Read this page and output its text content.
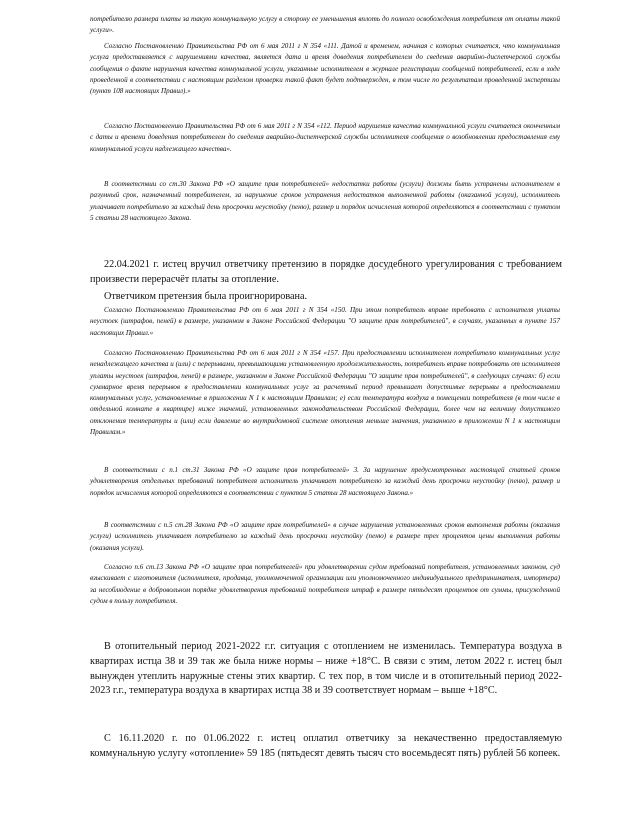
потребителю размера платы за такую коммунальную услугу в сторону ее уменьшения вплоть до полного освобождения потребителя от оплаты такой услуги».

Согласно Постановлению Правительства РФ от 6 мая 2011 г N 354 «111. Датой и временем, начиная с которых считается, что коммунальная услуга предоставляется с нарушениями качества, является дата и время доведения потребителем до сведения аварийно-диспетчерской службы сообщения о факте нарушения качества коммунальной услуги, указанные исполнителем в журнале регистрации сообщений потребителей, если в ходе проведенной в соответствии с настоящим разделом проверки такой факт будет подтвержден, в том числе по результатам проведенной экспертизы (пункт 108 настоящих Правил).»

Согласно Постановлению Правительства РФ от 6 мая 2011 г N 354 «112. Период нарушения качества коммунальной услуги считается оконченным с даты и времени доведения потребителем до сведения аварийно-диспетчерской службы исполнителя сообщения о возобновлении предоставления ему коммунальной услуги надлежащего качества».

В соответствии со ст.30 Закона РФ «О защите прав потребителей» недостатки работы (услуги) должны быть устранены исполнителем в разумный срок, назначенный потребителем, за нарушение сроков устранения недостатков выполненной работы (оказанной услуги), исполнитель уплачивает потребителю за каждый день просрочки неустойку (пеню), размер и порядок исчисления которой определяются в соответствии с пунктом 5 статьи 28 настоящего Закона.

22.04.2021 г. истец вручил ответчику претензию в порядке досудебного урегулирования с требованием произвести перерасчёт платы за отопление.

Ответчиком претензия была проигнорирована.

Согласно Постановлению Правительства РФ от 6 мая 2011 г N 354 «150. При этом потребитель вправе требовать с исполнителя уплаты неустоек (штрафов, пеней) в размере, указанном в Законе Российской Федерации "О защите прав потребителей", в случаях, указанных в пункте 157 настоящих Правил.»

Согласно Постановлению Правительства РФ от 6 мая 2011 г N 354 «157. При предоставлении исполнителем потребителю коммунальных услуг ненадлежащего качества и (или) с перерывами, превышающими установленную продолжительность, потребитель вправе потребовать от исполнителя уплаты неустоек (штрафов, пеней) в размере, указанном в Законе Российской Федерации "О защите прав потребителей", в следующих случаях: б) если суммарное время перерывов в предоставлении коммунальных услуг за расчетный период превышает допустимые перерывы в предоставлении коммунальных услуг, установленные в приложении N 1 к настоящим Правилам; е) если температура воздуха в помещении потребителя (в том числе в отдельной комнате в квартире) ниже значений, установленных законодательством Российской Федерации, более чем на величину допустимого отклонения температуры и (или) если давление во внутридомовой системе отопления меньше значения, указанного в приложении N 1 к настоящим Правилам.»

В соответствии с п.1 ст.31 Закона РФ «О защите прав потребителей» 3. За нарушение предусмотренных настоящей статьей сроков удовлетворения отдельных требований потребителя исполнитель уплачивает потребителю за каждый день просрочки неустойку (пеню), размер и порядок исчисления которой определяются в соответствии с пунктом 5 статьи 28 настоящего Закона.»

В соответствии с п.5 ст.28 Закона РФ «О защите прав потребителей» в случае нарушения установленных сроков выполнения работы (оказания услуги) исполнитель уплачивает потребителю за каждый день просрочки неустойку (пеню) в размере трех процентов цены выполнения работы (оказания услуги).

Согласно п.6 ст.13 Закона РФ «О защите прав потребителей» при удовлетворении судом требований потребителя, установленных законом, суд взыскивает с изготовителя (исполнителя, продавца, уполномоченной организации или уполномоченного индивидуального предпринимателя, импортера) за несоблюдение в добровольном порядке удовлетворения требований потребителя штраф в размере пятьдесят процентов от суммы, присужденной судом в пользу потребителя.

В отопительный период 2021-2022 г.г. ситуация с отоплением не изменилась. Температура воздуха в квартирах истца 38 и 39 так же была ниже нормы – ниже +18°С. В связи с этим, летом 2022 г. истец был вынужден утеплить наружные стены этих квартир. С тех пор, в том числе и в отопительный период 2022-2023 г.г., температура воздуха в квартирах истца 38 и 39 соответствует нормам – выше +18°С.

С 16.11.2020 г. по 01.06.2022 г. истец оплатил ответчику за некачественно предоставляемую коммунальную услугу «отопление» 59 185 (пятьдесят девять тысяч сто восемьдесят пять) рублей 56 копеек.
